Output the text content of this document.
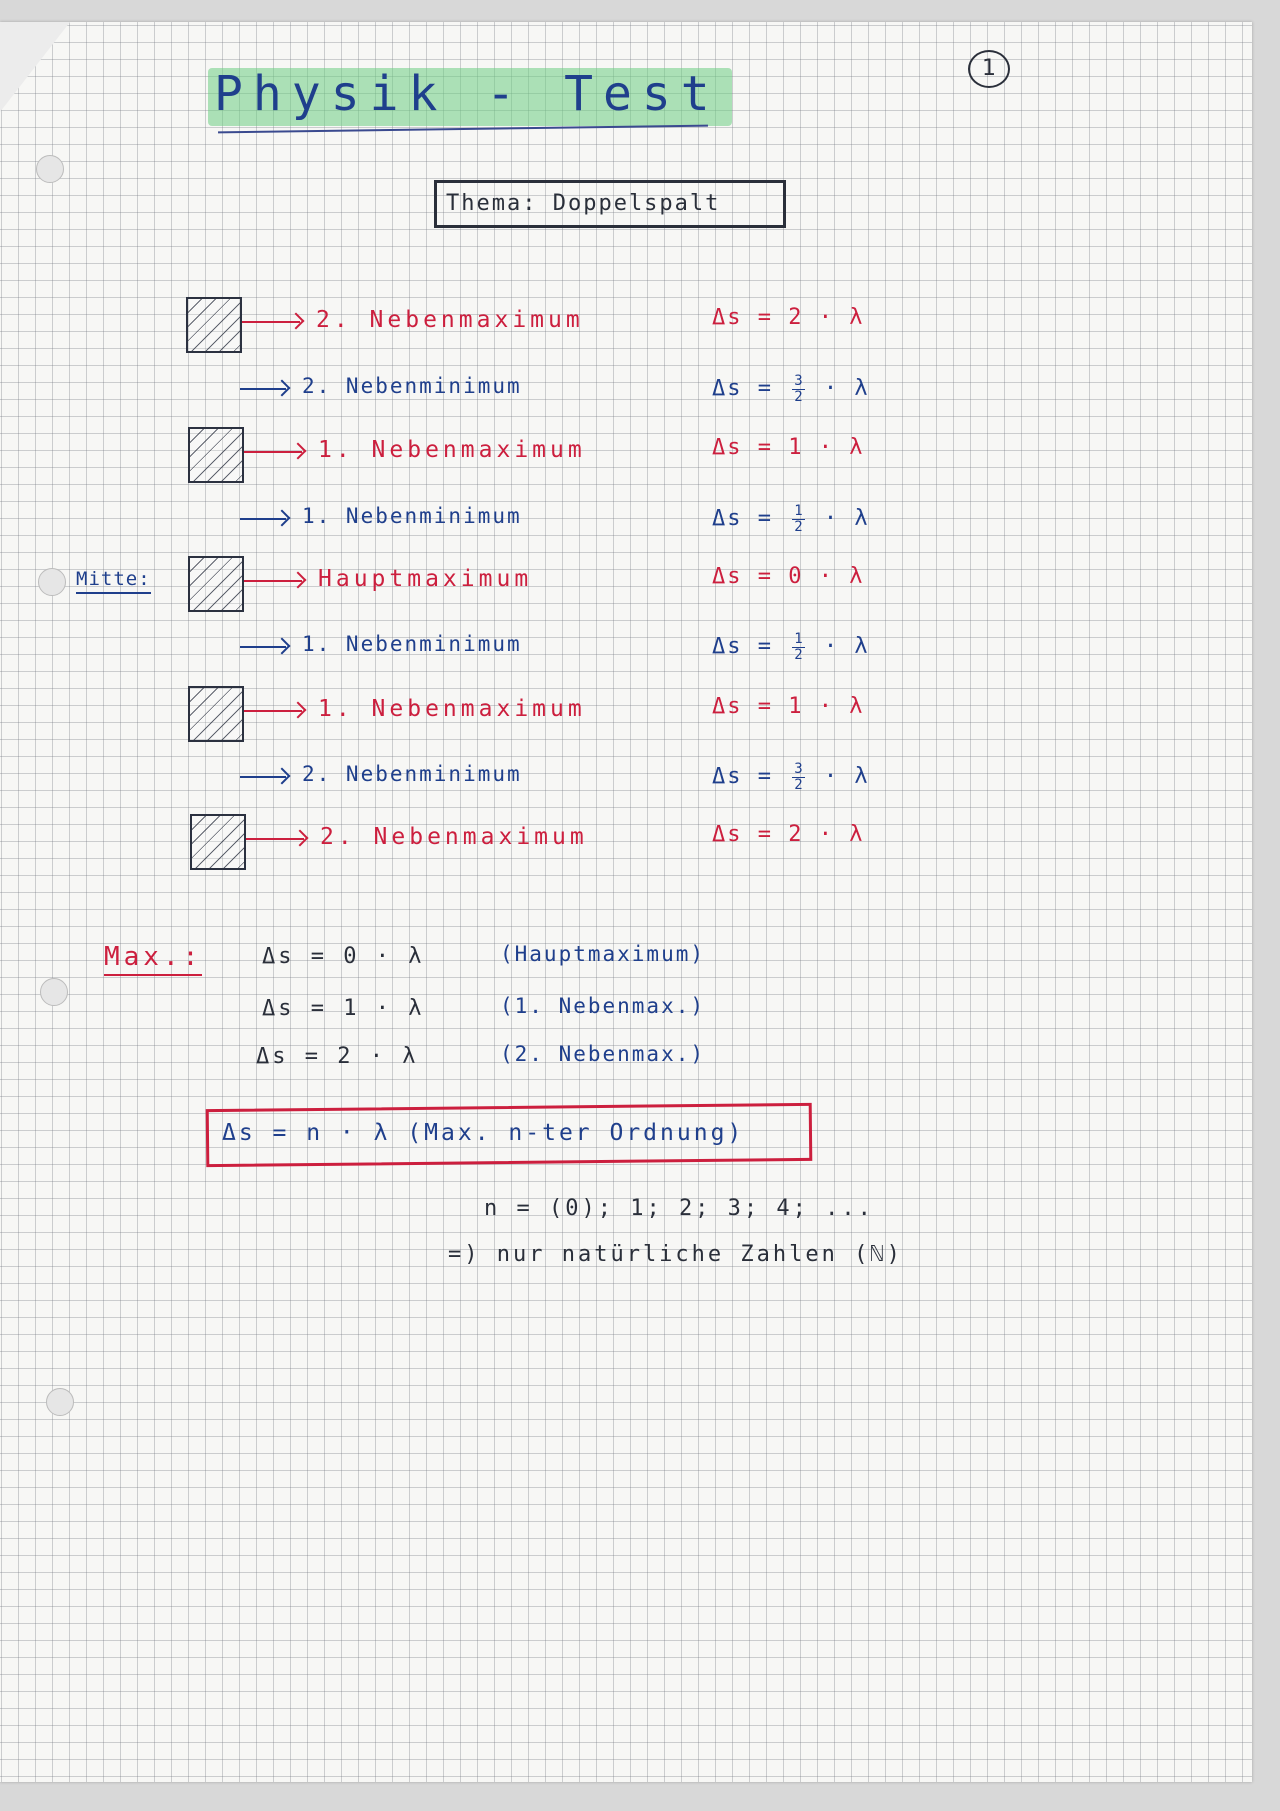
1
Physik - Test
Thema: Doppelspalt
2. Nebenmaximum	Δs = 2 · λ
2. Nebenminimum	$\Delta s = \frac{3}{2} \cdot \lambda$
1. Nebenmaximum	Δs = 1 · λ
1. Nebenminimum	$\Delta s = \frac{1}{2} \cdot \lambda$
Hauptmaximum	Δs = 0 · λ
1. Nebenminimum	$\Delta s = \frac{1}{2} \cdot \lambda$
1. Nebenmaximum	Δs = 1 · λ
2. Nebenminimum	$\Delta s = \frac{3}{2} \cdot \lambda$
2. Nebenmaximum	Δs = 2 · λ
Mitte:
Max.:	Δs = 0 · λ	(Hauptmaximum)
Δs = 1 · λ	(1. Nebenmax.)
Δs = 2 · λ	(2. Nebenmax.)
Δs = n · λ (Max. n-ter Ordnung)
n = (0); 1; 2; 3; 4; ...
=) nur natürliche Zahlen (ℕ)
